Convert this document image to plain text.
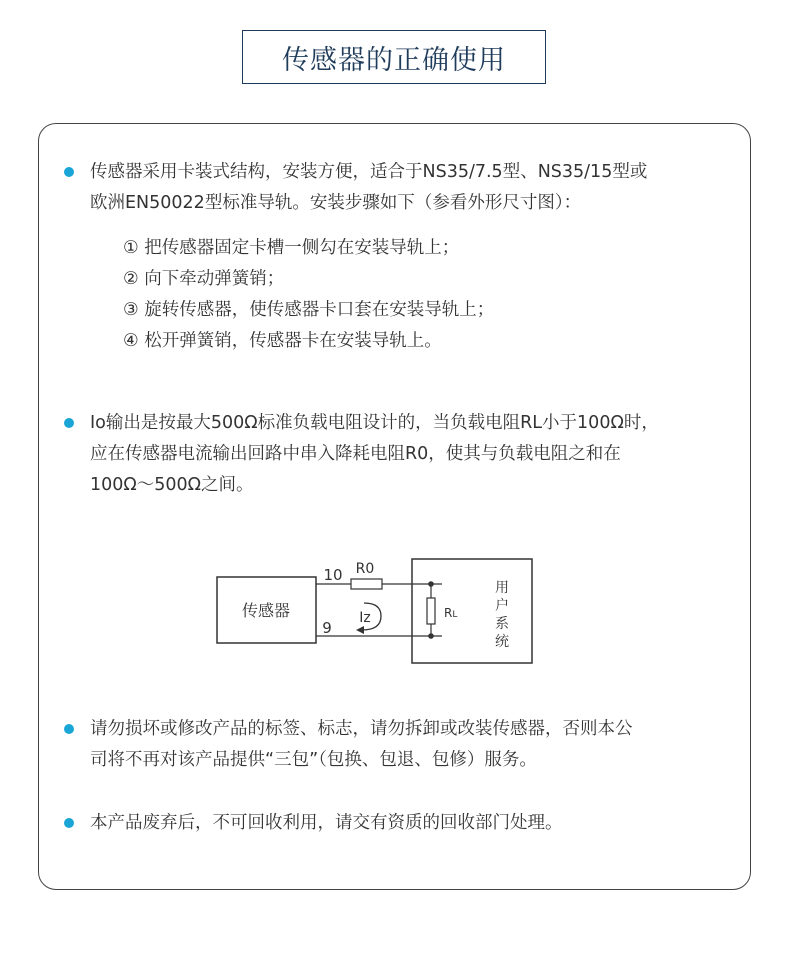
传感器的正确使用
传感器采用卡装式结构，安装方便，适合于NS35/7.5型、NS35/15型或
欧洲EN50022型标准导轨。安装步骤如下（参看外形尺寸图）：
① 把传感器固定卡槽一侧勾在安装导轨上；
② 向下牵动弹簧销；
③ 旋转传感器，使传感器卡口套在安装导轨上；
④ 松开弹簧销，传感器卡在安装导轨上。
Io输出是按最大500Ω标准负载电阻设计的，当负载电阻RL小于100Ω时，
应在传感器电流输出回路中串入降耗电阻R0，使其与负载电阻之和在
100Ω～500Ω之间。
传感器
用
户
系
统
10 R0
9
RL
Iz
请勿损坏或修改产品的标签、标志，请勿拆卸或改装传感器，否则本公
司将不再对该产品提供“三包”（包换、包退、包修）服务。
本产品废弃后，不可回收利用，请交有资质的回收部门处理。
